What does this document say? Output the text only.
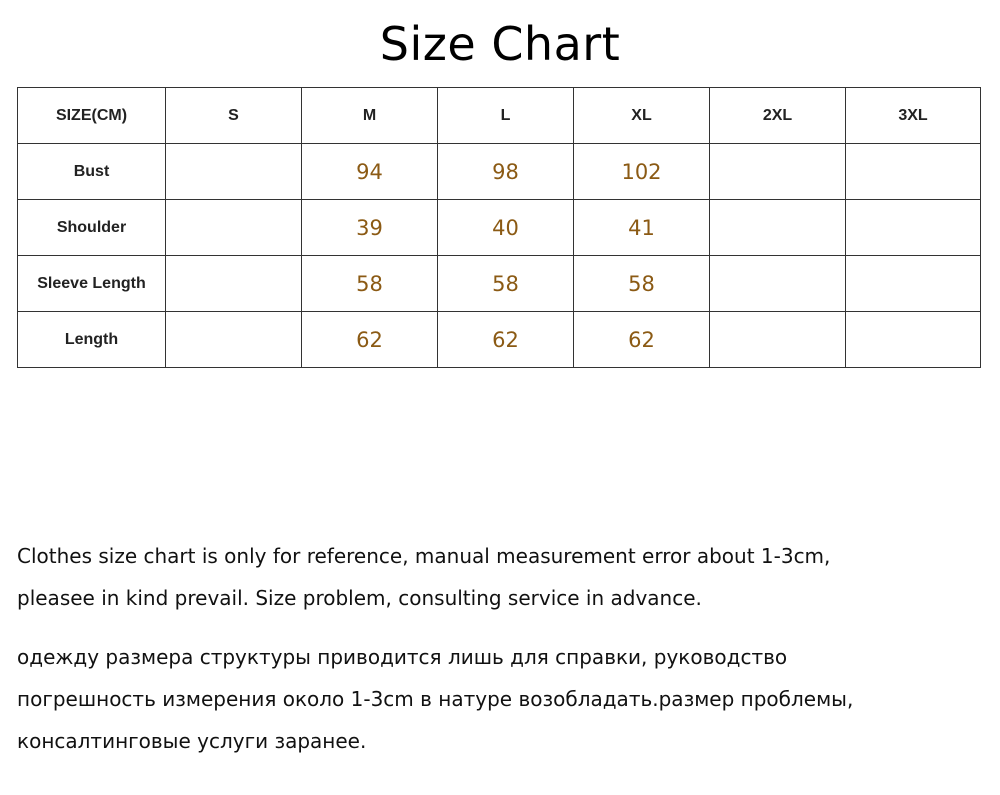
Size Chart
SIZE(CM)	S	M	L	XL	2XL	3XL
Bust		94	98	102		
Shoulder		39	40	41		
Sleeve Length		58	58	58		
Length		62	62	62		

Clothes size chart is only for reference, manual measurement error about 1-3cm,

pleasee in kind prevail. Size problem, consulting service in advance.

одежду размера структуры приводится лишь для справки, руководство

погрешность измерения около 1-3cm в натуре возобладать.размер проблемы,

консалтинговые услуги заранее.
